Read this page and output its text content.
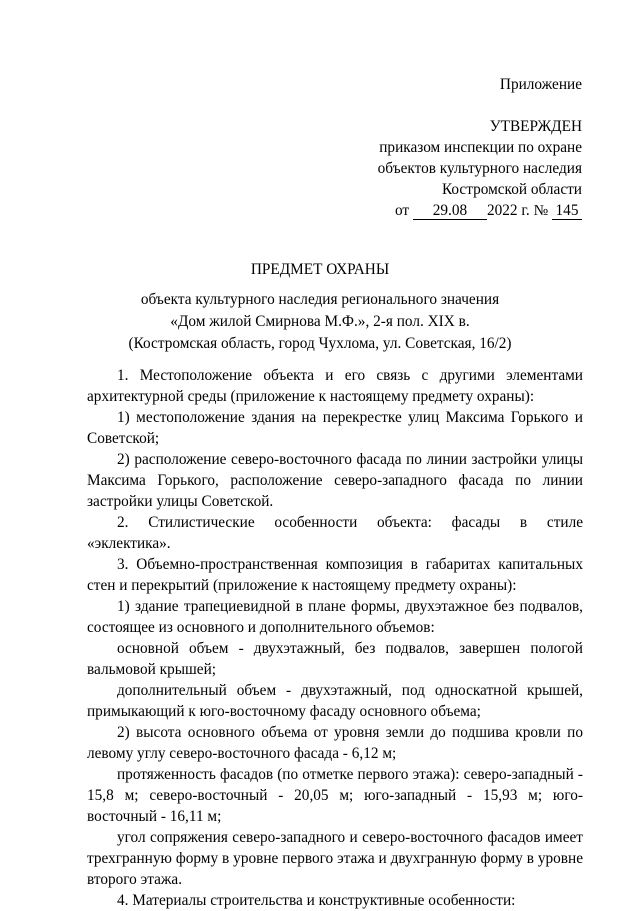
Приложение
УТВЕРЖДЕН
приказом инспекции по охране
объектов культурного наследия
Костромской области
от 29.08 2022 г. № 145
ПРЕДМЕТ ОХРАНЫ
объекта культурного наследия регионального значения
«Дом жилой Смирнова М.Ф.», 2-я пол. XIX в.
(Костромская область, город Чухлома, ул. Советская, 16/2)

1. Местоположение объекта и его связь с другими элементами архитектурной среды (приложение к настоящему предмету охраны):

1) местоположение здания на перекрестке улиц Максима Горького и Советской;

2) расположение северо-восточного фасада по линии застройки улицы Максима Горького, расположение северо-западного фасада по линии застройки улицы Советской.

2. Стилистические особенности объекта: фасады в стиле

«эклектика».

3. Объемно-пространственная композиция в габаритах капитальных стен и перекрытий (приложение к настоящему предмету охраны):

1) здание трапециевидной в плане формы, двухэтажное без подвалов, состоящее из основного и дополнительного объемов:

основной объем - двухэтажный, без подвалов, завершен пологой вальмовой крышей;

дополнительный объем - двухэтажный, под односкатной крышей, примыкающий к юго-восточному фасаду основного объема;

2) высота основного объема от уровня земли до подшива кровли по левому углу северо-восточного фасада - 6,12 м;

протяженность фасадов (по отметке первого этажа): северо-западный - 15,8 м; северо-восточный - 20,05 м; юго-западный - 15,93 м; юго-восточный - 16,11 м;

угол сопряжения северо-западного и северо-восточного фасадов имеет трехгранную форму в уровне первого этажа и двухгранную форму в уровне второго этажа.

4. Материалы строительства и конструктивные особенности:
